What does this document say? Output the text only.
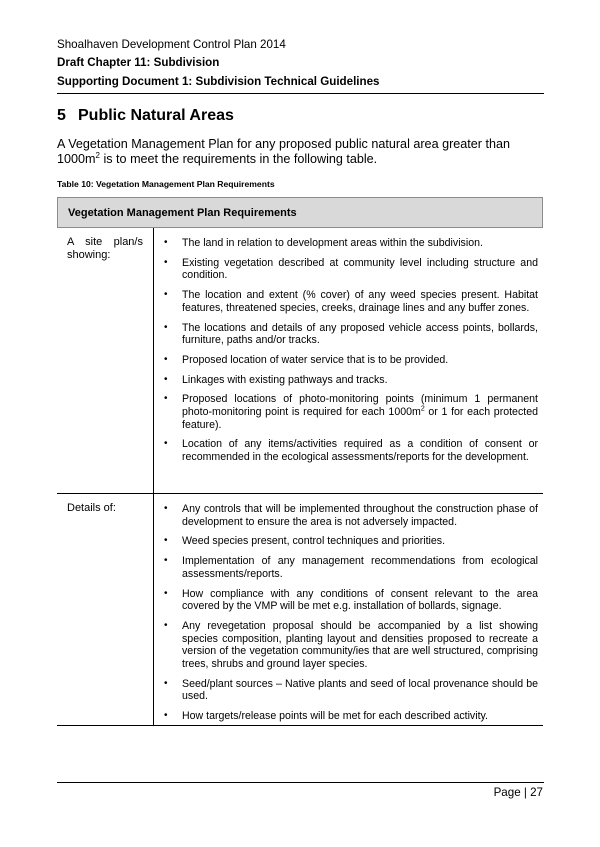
Shoalhaven Development Control Plan 2014
Draft Chapter 11: Subdivision
Supporting Document 1: Subdivision Technical Guidelines
5 Public Natural Areas
A Vegetation Management Plan for any proposed public natural area greater than $1000m^2$ is to meet the requirements in the following table.
Table 10: Vegetation Management Plan Requirements
Vegetation Management Plan Requirements
A site plan/s
showing:
• The land in relation to development areas within the subdivision.
• Existing vegetation described at community level including structure and condition.
• The location and extent (% cover) of any weed species present. Habitat features, threatened species, creeks, drainage lines and any buffer zones.
• The locations and details of any proposed vehicle access points, bollards, furniture, paths and/or tracks.
• Proposed location of water service that is to be provided.
• Linkages with existing pathways and tracks.
• Proposed locations of photo-monitoring points (minimum 1 permanent photo-monitoring point is required for each $1000m^2$ or 1 for each protected feature).
• Location of any items/activities required as a condition of consent or recommended in the ecological assessments/reports for the development.
Details of:
•	Any controls that will be implemented throughout the construction phase of development to ensure the area is not adversely impacted.
• Weed species present, control techniques and priorities.
• Implementation of any management recommendations from ecological assessments/reports.
• How compliance with any conditions of consent relevant to the area covered by the VMP will be met e.g. installation of bollards, signage.
• Any revegetation proposal should be accompanied by a list showing species composition, planting layout and densities proposed to recreate a version of the vegetation community/ies that are well structured, comprising trees, shrubs and ground layer species.
• Seed/plant sources – Native plants and seed of local provenance should be used.
• How targets/release points will be met for each described activity.
Page | 27
